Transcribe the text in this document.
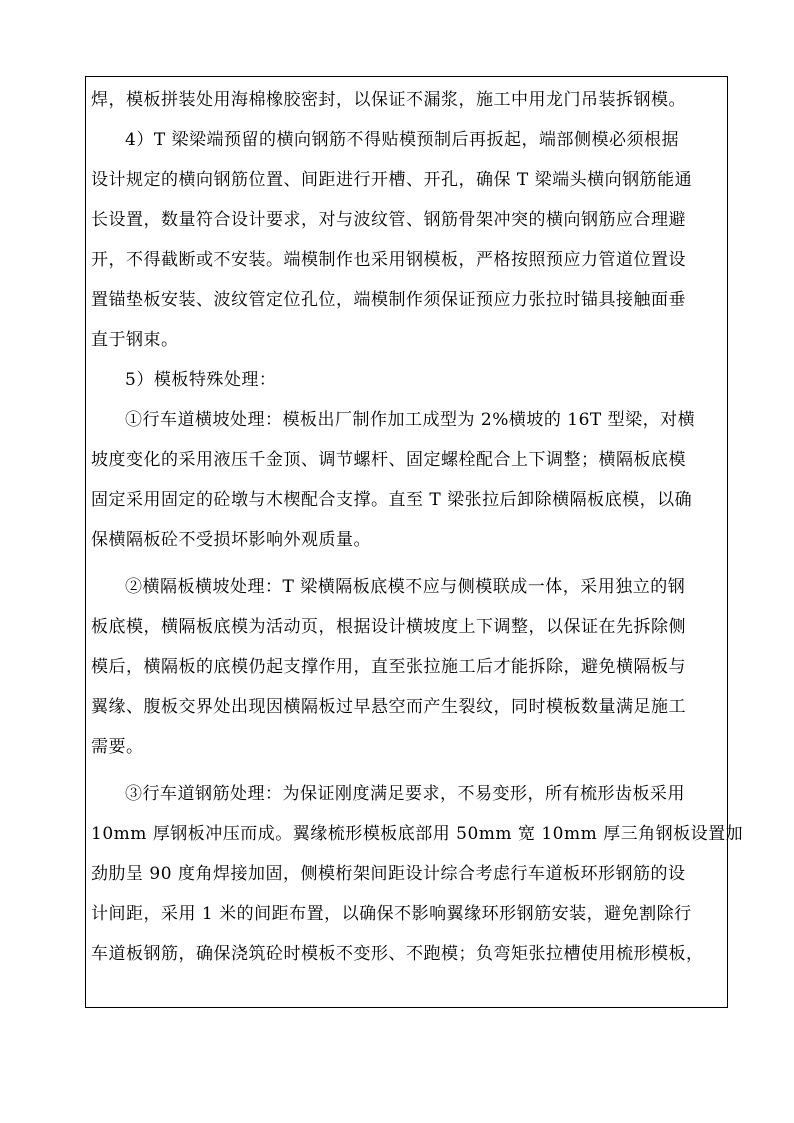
焊，模板拼装处用海棉橡胶密封，以保证不漏浆，施工中用龙门吊装拆钢模。
4）T 梁梁端预留的横向钢筋不得贴模预制后再扳起，端部侧模必须根据
设计规定的横向钢筋位置、间距进行开槽、开孔，确保 T 梁端头横向钢筋能通
长设置，数量符合设计要求，对与波纹管、钢筋骨架冲突的横向钢筋应合理避
开，不得截断或不安装。端模制作也采用钢模板，严格按照预应力管道位置设
置锚垫板安装、波纹管定位孔位，端模制作须保证预应力张拉时锚具接触面垂
直于钢束。
5）模板特殊处理：
①行车道横坡处理：模板出厂制作加工成型为 2%横坡的 16T 型梁，对横
坡度变化的采用液压千金顶、调节螺杆、固定螺栓配合上下调整；横隔板底模
固定采用固定的砼墩与木楔配合支撑。直至 T 梁张拉后卸除横隔板底模，以确
保横隔板砼不受损坏影响外观质量。
②横隔板横坡处理：T 梁横隔板底模不应与侧模联成一体，采用独立的钢
板底模，横隔板底模为活动页，根据设计横坡度上下调整，以保证在先拆除侧
模后，横隔板的底模仍起支撑作用，直至张拉施工后才能拆除，避免横隔板与
翼缘、腹板交界处出现因横隔板过早悬空而产生裂纹，同时模板数量满足施工
需要。
③行车道钢筋处理：为保证刚度满足要求，不易变形，所有梳形齿板采用
10mm 厚钢板冲压而成。翼缘梳形模板底部用 50mm 宽 10mm 厚三角钢板设置加
劲肋呈 90 度角焊接加固，侧模桁架间距设计综合考虑行车道板环形钢筋的设
计间距，采用 1 米的间距布置，以确保不影响翼缘环形钢筋安装，避免割除行
车道板钢筋，确保浇筑砼时模板不变形、不跑模；负弯矩张拉槽使用梳形模板，
